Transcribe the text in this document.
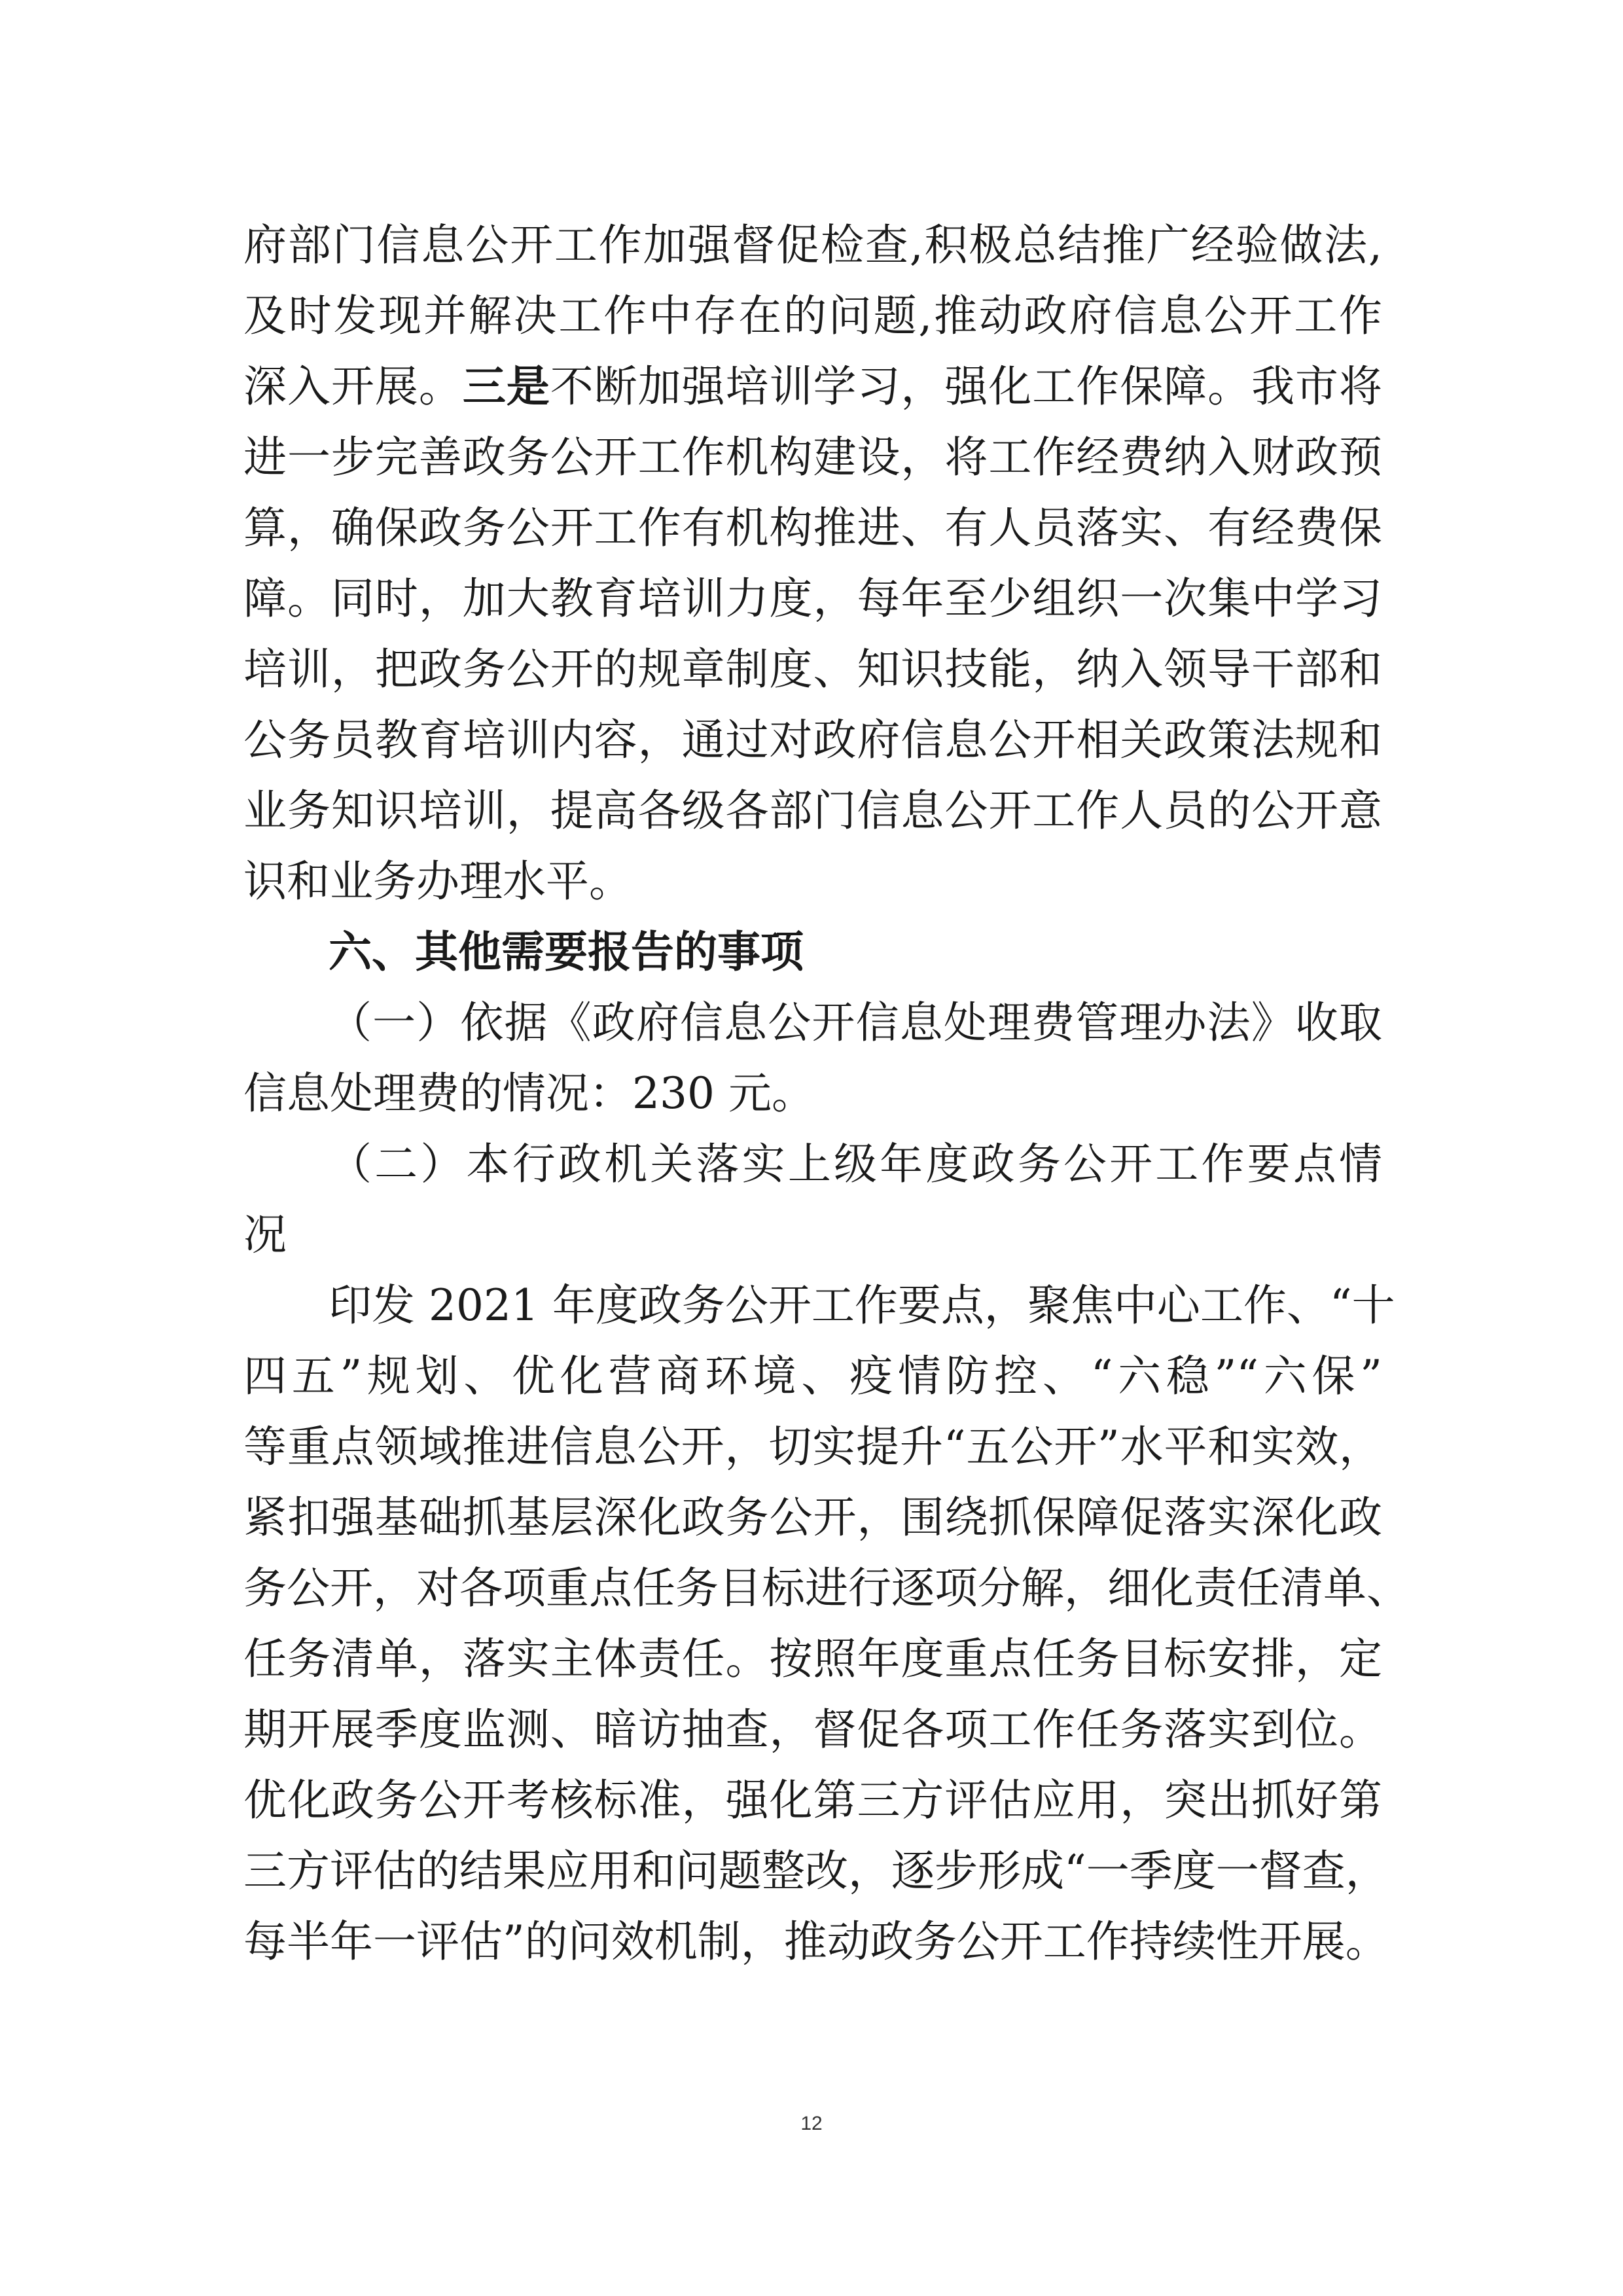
府部门信息公开工作加强督促检查,积极总结推广经验做法,
及时发现并解决工作中存在的问题,推动政府信息公开工作
深入开展。三是不断加强培训学习，强化工作保障。我市将
进一步完善政务公开工作机构建设，将工作经费纳入财政预
算，确保政务公开工作有机构推进、有人员落实、有经费保
障。同时，加大教育培训力度，每年至少组织一次集中学习
培训，把政务公开的规章制度、知识技能，纳入领导干部和
公务员教育培训内容，通过对政府信息公开相关政策法规和
业务知识培训，提高各级各部门信息公开工作人员的公开意
识和业务办理水平。
六、其他需要报告的事项
（一）依据《政府信息公开信息处理费管理办法》收取
信息处理费的情况：230 元。
（二）本行政机关落实上级年度政务公开工作要点情
况
印发 2021 年度政务公开工作要点，聚焦中心工作、“十
四五”规划、优化营商环境、疫情防控、“六稳”“六保”
等重点领域推进信息公开，切实提升“五公开”水平和实效，
紧扣强基础抓基层深化政务公开，围绕抓保障促落实深化政
务公开，对各项重点任务目标进行逐项分解，细化责任清单、
任务清单，落实主体责任。按照年度重点任务目标安排，定
期开展季度监测、暗访抽查，督促各项工作任务落实到位。
优化政务公开考核标准，强化第三方评估应用，突出抓好第
三方评估的结果应用和问题整改，逐步形成“一季度一督查，
每半年一评估”的问效机制，推动政务公开工作持续性开展。
12
